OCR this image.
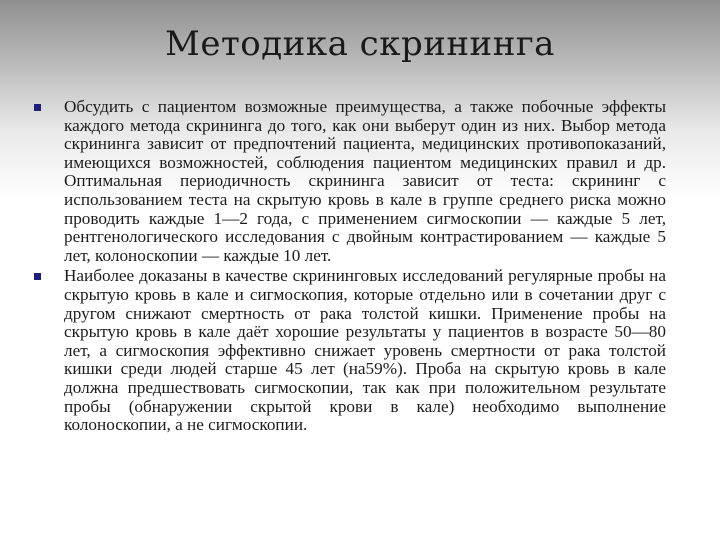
Методика скрининга
Обсудить с пациентом возможные преимущества, а также побочные эффекты каждого метода скрининга до того, как они выберут один из них. Выбор метода скрининга зависит от предпочтений пациента, медицинских противопоказаний, имеющихся возможностей, соблюдения пациентом медицинских правил и др. Оптимальная периодичность скрининга зависит от теста: скрининг с использованием теста на скрытую кровь в кале в группе среднего риска можно проводить каждые 1—2 года, с применением сигмоскопии — каждые 5 лет, рентгенологического исследования с двойным контрастированием — каждые 5 лет, колоноскопии — каждые 10 лет.
Наиболее доказаны в качестве скрининговых исследований регулярные пробы на скрытую кровь в кале и сигмоскопия, которые отдельно или в сочетании друг с другом снижают смертность от рака толстой кишки. Применение пробы на скрытую кровь в кале даёт хорошие результаты у пациентов в возрасте 50—80 лет, а сигмоскопия эффективно снижает уровень смертности от рака толстой кишки среди людей старше 45 лет (на59%). Проба на скрытую кровь в кале должна предшествовать сигмоскопии, так как при положительном результате пробы (обнаружении скрытой крови в кале) необходимо выполнение колоноскопии, а не сигмоскопии.
